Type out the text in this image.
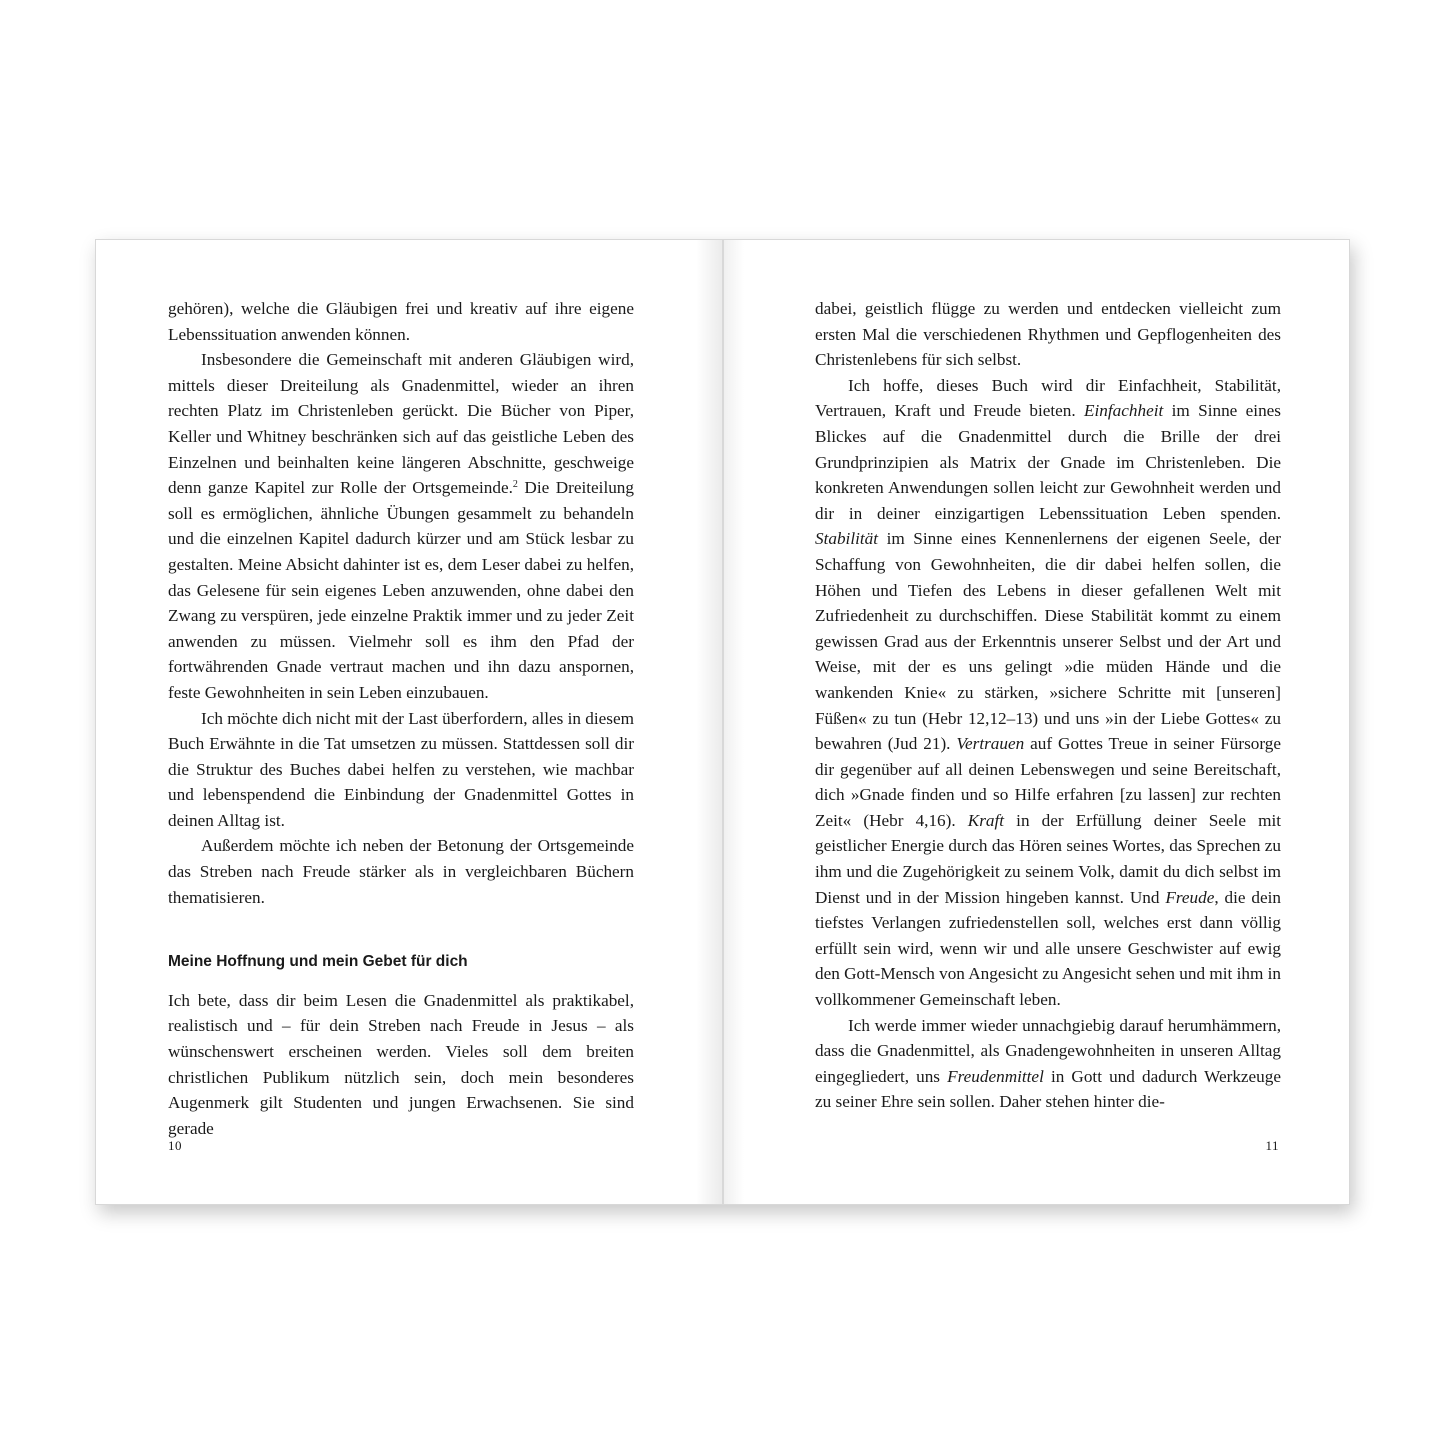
gehören), welche die Gläubigen frei und kreativ auf ihre eigene Lebenssituation anwenden können.

Insbesondere die Gemeinschaft mit anderen Gläubigen wird, mittels dieser Dreiteilung als Gnadenmittel, wieder an ihren rechten Platz im Christenleben gerückt. Die Bücher von Piper, Keller und Whitney beschränken sich auf das geistliche Leben des Einzelnen und beinhalten keine längeren Abschnitte, geschweige denn ganze Kapitel zur Rolle der Ortsgemeinde.$^2$ Die Dreiteilung soll es ermöglichen, ähnliche Übungen gesammelt zu behandeln und die einzelnen Kapitel dadurch kürzer und am Stück lesbar zu gestalten. Meine Absicht dahinter ist es, dem Leser dabei zu helfen, das Gelesene für sein eigenes Leben anzuwenden, ohne dabei den Zwang zu verspüren, jede einzelne Praktik immer und zu jeder Zeit anwenden zu müssen. Vielmehr soll es ihm den Pfad der fortwährenden Gnade vertraut machen und ihn dazu anspornen, feste Gewohnheiten in sein Leben einzubauen.

Ich möchte dich nicht mit der Last überfordern, alles in diesem Buch Erwähnte in die Tat umsetzen zu müssen. Stattdessen soll dir die Struktur des Buches dabei helfen zu verstehen, wie machbar und lebenspendend die Einbindung der Gnadenmittel Gottes in deinen Alltag ist.

Außerdem möchte ich neben der Betonung der Ortsgemeinde das Streben nach Freude stärker als in vergleichbaren Büchern thematisieren.

Meine Hoffnung und mein Gebet für dich

Ich bete, dass dir beim Lesen die Gnadenmittel als praktikabel, realistisch und – für dein Streben nach Freude in Jesus – als wünschenswert erscheinen werden. Vieles soll dem breiten christlichen Publikum nützlich sein, doch mein besonderes Augenmerk gilt Studenten und jungen Erwachsenen. Sie sind gerade

10

dabei, geistlich flügge zu werden und entdecken vielleicht zum ersten Mal die verschiedenen Rhythmen und Gepflogenheiten des Christenlebens für sich selbst.

Ich hoffe, dieses Buch wird dir Einfachheit, Stabilität, Vertrauen, Kraft und Freude bieten. Einfachheit im Sinne eines Blickes auf die Gnadenmittel durch die Brille der drei Grundprinzipien als Matrix der Gnade im Christenleben. Die konkreten Anwendungen sollen leicht zur Gewohnheit werden und dir in deiner einzigartigen Lebenssituation Leben spenden. Stabilität im Sinne eines Kennenlernens der eigenen Seele, der Schaffung von Gewohnheiten, die dir dabei helfen sollen, die Höhen und Tiefen des Lebens in dieser gefallenen Welt mit Zufriedenheit zu durchschiffen. Diese Stabilität kommt zu einem gewissen Grad aus der Erkenntnis unserer Selbst und der Art und Weise, mit der es uns gelingt »die müden Hände und die wankenden Knie« zu stärken, »sichere Schritte mit [unseren] Füßen« zu tun (Hebr 12,12–13) und uns »in der Liebe Gottes« zu bewahren (Jud 21). Vertrauen auf Gottes Treue in seiner Fürsorge dir gegenüber auf all deinen Lebenswegen und seine Bereitschaft, dich »Gnade finden und so Hilfe erfahren [zu lassen] zur rechten Zeit« (Hebr 4,16). Kraft in der Erfüllung deiner Seele mit geistlicher Energie durch das Hören seines Wortes, das Sprechen zu ihm und die Zugehörigkeit zu seinem Volk, damit du dich selbst im Dienst und in der Mission hingeben kannst. Und Freude, die dein tiefstes Verlangen zufriedenstellen soll, welches erst dann völlig erfüllt sein wird, wenn wir und alle unsere Geschwister auf ewig den Gott-Mensch von Angesicht zu Angesicht sehen und mit ihm in vollkommener Gemeinschaft leben.

Ich werde immer wieder unnachgiebig darauf herumhämmern, dass die Gnadenmittel, als Gnadengewohnheiten in unseren Alltag eingegliedert, uns Freudenmittel in Gott und dadurch Werkzeuge zu seiner Ehre sein sollen. Daher stehen hinter die-

11
